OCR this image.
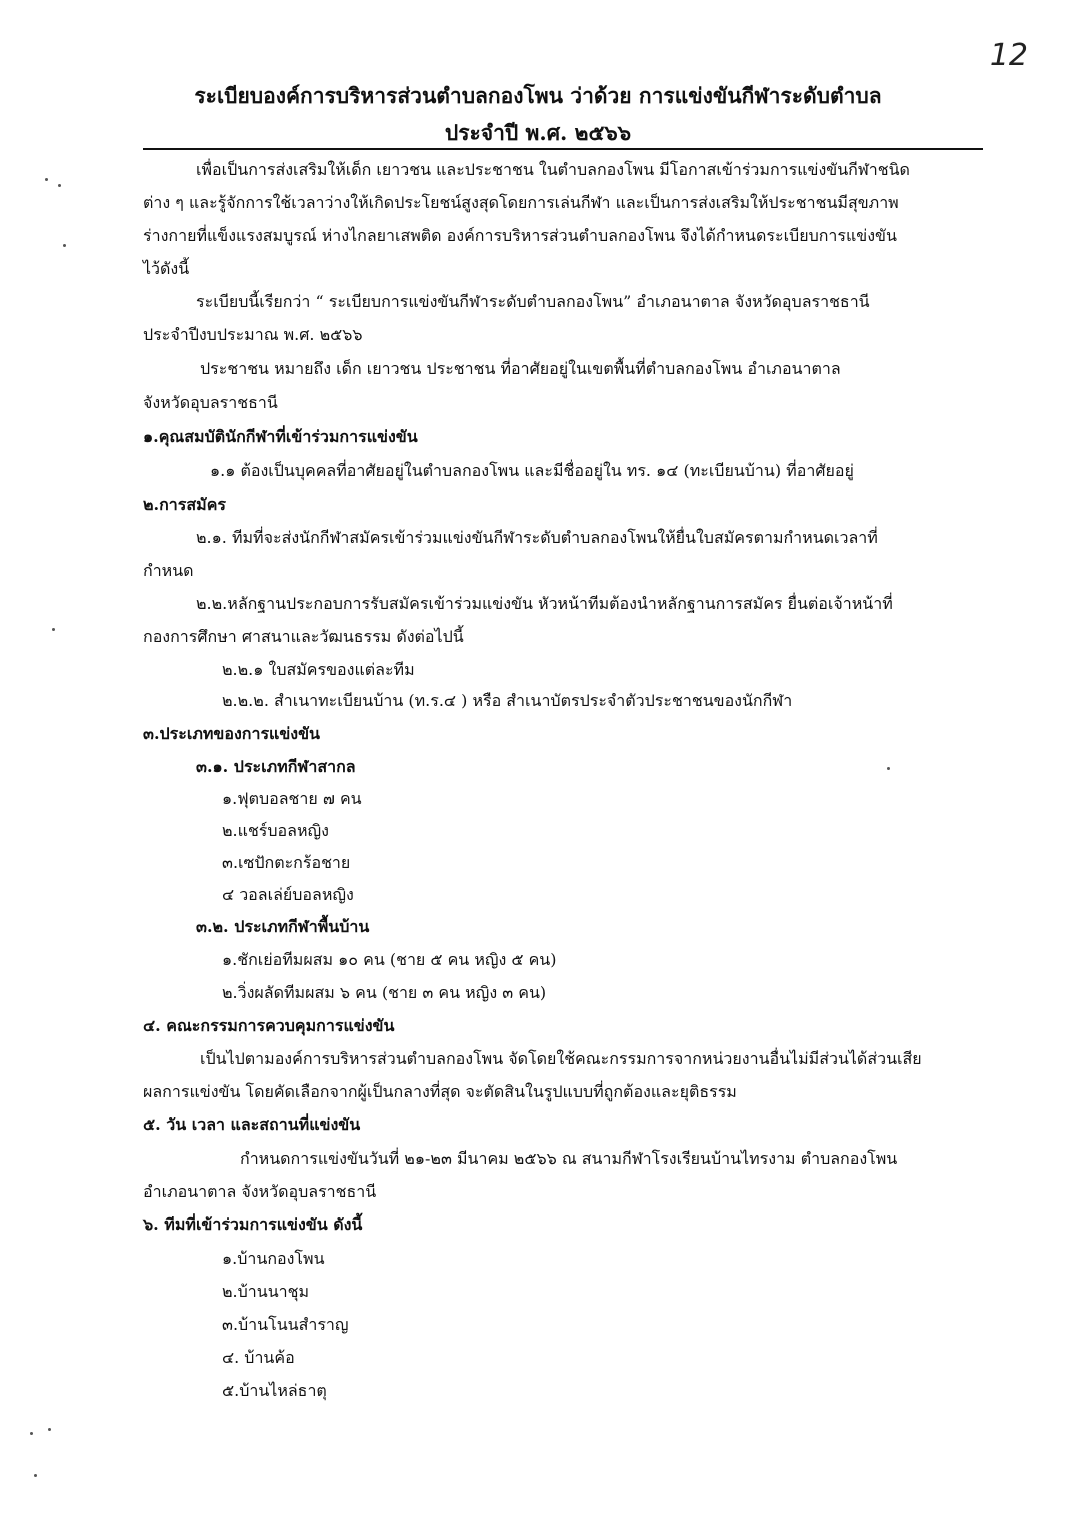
12
ระเบียบองค์การบริหารส่วนตำบลกองโพน ว่าด้วย การแข่งขันกีฬาระดับตำบล
ประจำปี พ.ศ. ๒๕๖๖
เพื่อเป็นการส่งเสริมให้เด็ก เยาวชน และประชาชน ในตำบลกองโพน มีโอกาสเข้าร่วมการแข่งขันกีฬาชนิด
ต่าง ๆ และรู้จักการใช้เวลาว่างให้เกิดประโยชน์สูงสุดโดยการเล่นกีฬา และเป็นการส่งเสริมให้ประชาชนมีสุขภาพ
ร่างกายที่แข็งแรงสมบูรณ์ ห่างไกลยาเสพติด องค์การบริหารส่วนตำบลกองโพน จึงได้กำหนดระเบียบการแข่งขัน
ไว้ดังนี้
ระเบียบนี้เรียกว่า “ ระเบียบการแข่งขันกีฬาระดับตำบลกองโพน” อำเภอนาตาล จังหวัดอุบลราชธานี
ประจำปีงบประมาณ พ.ศ. ๒๕๖๖
ประชาชน หมายถึง เด็ก เยาวชน ประชาชน ที่อาศัยอยู่ในเขตพื้นที่ตำบลกองโพน อำเภอนาตาล
จังหวัดอุบลราชธานี
๑.คุณสมบัตินักกีฬาที่เข้าร่วมการแข่งขัน
๑.๑ ต้องเป็นบุคคลที่อาศัยอยู่ในตำบลกองโพน และมีชื่ออยู่ใน ทร. ๑๔ (ทะเบียนบ้าน) ที่อาศัยอยู่
๒.การสมัคร
๒.๑. ทีมที่จะส่งนักกีฬาสมัครเข้าร่วมแข่งขันกีฬาระดับตำบลกองโพนให้ยื่นใบสมัครตามกำหนดเวลาที่
กำหนด
๒.๒.หลักฐานประกอบการรับสมัครเข้าร่วมแข่งขัน หัวหน้าทีมต้องนำหลักฐานการสมัคร ยื่นต่อเจ้าหน้าที่
กองการศึกษา ศาสนาและวัฒนธรรม ดังต่อไปนี้
๒.๒.๑ ใบสมัครของแต่ละทีม
๒.๒.๒. สำเนาทะเบียนบ้าน (ท.ร.๔ ) หรือ สำเนาบัตรประจำตัวประชาชนของนักกีฬา
๓.ประเภทของการแข่งขัน
๓.๑. ประเภทกีฬาสากล
๑.ฟุตบอลชาย ๗ คน
๒.แชร์บอลหญิง
๓.เซปักตะกร้อชาย
๔ วอลเล่ย์บอลหญิง
๓.๒. ประเภทกีฬาพื้นบ้าน
๑.ชักเย่อทีมผสม ๑๐ คน (ชาย ๕ คน หญิง ๕ คน)
๒.วิ่งผลัดทีมผสม ๖ คน (ชาย ๓ คน หญิง ๓ คน)
๔. คณะกรรมการควบคุมการแข่งขัน
เป็นไปตามองค์การบริหารส่วนตำบลกองโพน จัดโดยใช้คณะกรรมการจากหน่วยงานอื่นไม่มีส่วนได้ส่วนเสีย
ผลการแข่งขัน โดยคัดเลือกจากผู้เป็นกลางที่สุด จะตัดสินในรูปแบบที่ถูกต้องและยุติธรรม
๕. วัน เวลา และสถานที่แข่งขัน
กำหนดการแข่งขันวันที่ ๒๑-๒๓ มีนาคม ๒๕๖๖ ณ สนามกีฬาโรงเรียนบ้านไทรงาม ตำบลกองโพน
อำเภอนาตาล จังหวัดอุบลราชธานี
๖. ทีมที่เข้าร่วมการแข่งขัน ดังนี้
๑.บ้านกองโพน
๒.บ้านนาชุม
๓.บ้านโนนสำราญ
๔. บ้านค้อ
๕.บ้านไหล่ธาตุ
